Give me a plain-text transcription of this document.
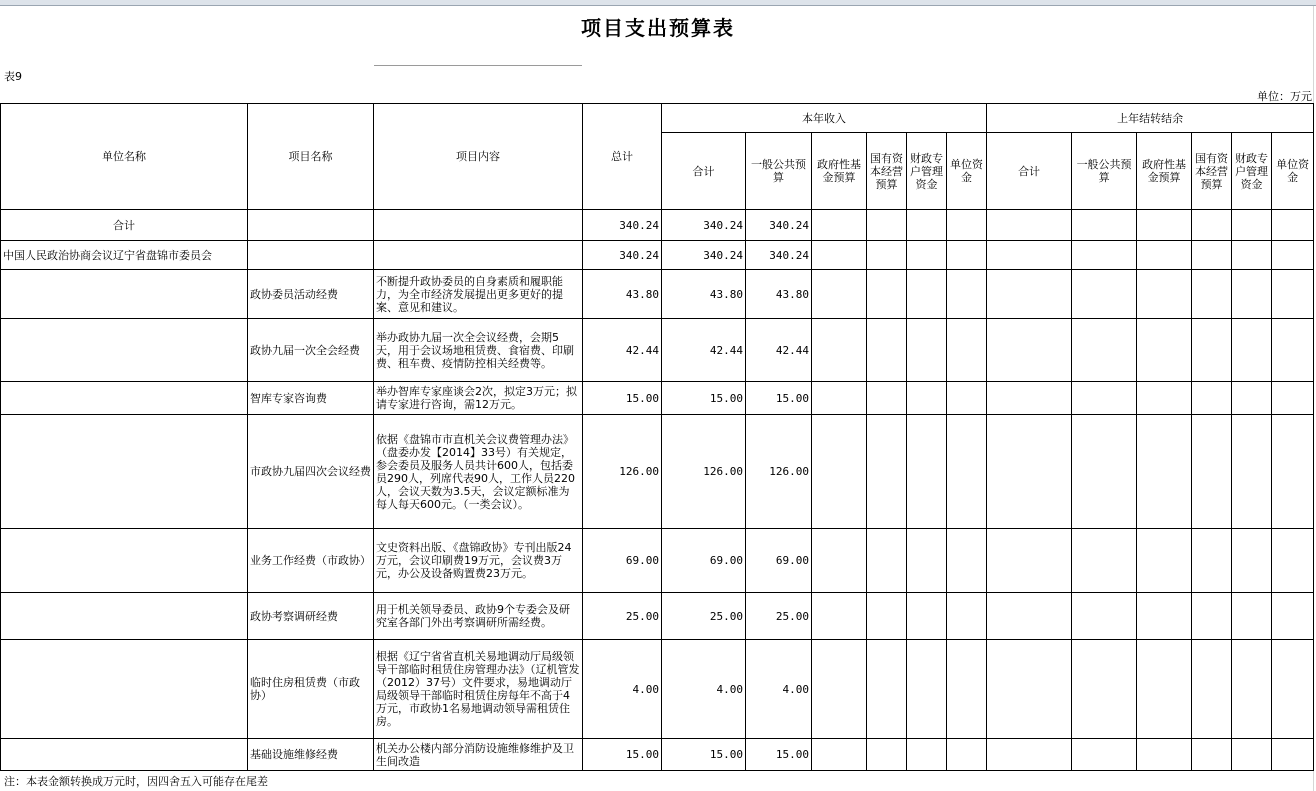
项目支出预算表
表9
单位：万元
单位名称	项目名称	项目内容	总计	本年收入						上年结转结余					
				合计	一般公共预算	政府性基金预算	国有资本经营预算	财政专户管理资金	单位资金	合计	一般公共预算	政府性基金预算	国有资本经营预算	财政专户管理资金	单位资金
合计			340.24	340.24	340.24										
中国人民政治协商会议辽宁省盘锦市委员会			340.24	340.24	340.24										
	政协委员活动经费	不断提升政协委员的自身素质和履职能力，为全市经济发展提出更多更好的提案、意见和建议。	43.80	43.80	43.80										
	政协九届一次全会经费	举办政协九届一次全会议经费，会期5天，用于会议场地租赁费、食宿费、印刷费、租车费、疫情防控相关经费等。	42.44	42.44	42.44										
	智库专家咨询费	举办智库专家座谈会2次，拟定3万元；拟请专家进行咨询，需12万元。	15.00	15.00	15.00										
	市政协九届四次会议经费	依据《盘锦市市直机关会议费管理办法》（盘委办发【2014】33号）有关规定，参会委员及服务人员共计600人，包括委员290人，列席代表90人，工作人员220人，会议天数为3.5天，会议定额标准为每人每天600元。（一类会议）。	126.00	126.00	126.00										
	业务工作经费（市政协）	文史资料出版、《盘锦政协》专刊出版24万元，会议印刷费19万元，会议费3万元，办公及设备购置费23万元。	69.00	69.00	69.00										
	政协考察调研经费	用于机关领导委员、政协9个专委会及研究室各部门外出考察调研所需经费。	25.00	25.00	25.00										
	临时住房租赁费（市政协）	根据《辽宁省省直机关易地调动厅局级领导干部临时租赁住房管理办法》（辽机管发（2012）37号）文件要求，易地调动厅局级领导干部临时租赁住房每年不高于4万元，市政协1名易地调动领导需租赁住房。	4.00	4.00	4.00										
	基础设施维修经费	机关办公楼内部分消防设施维修维护及卫生间改造	15.00	15.00	15.00										
注：本表金额转换成万元时，因四舍五入可能存在尾差
